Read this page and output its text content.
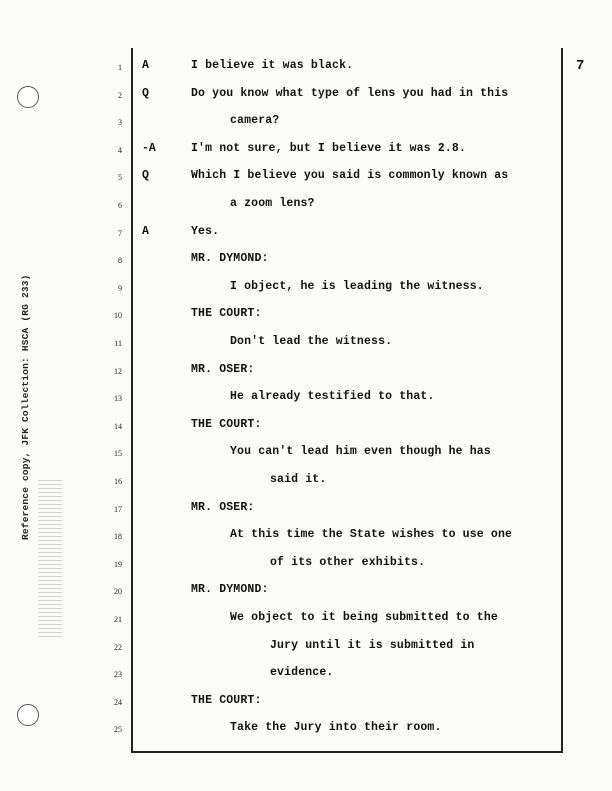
Reference copy, JFK Collection: HSCA (RG 233)
7
1 A	I believe it was black.
2 Q	Do you know what type of lens you had in this
3	camera?
4 -A	I'm not sure, but I believe it was 2.8.
5 Q	Which I believe you said is commonly known as
6	a zoom lens?
7 A	Yes.
8	MR. DYMOND:
9	I object, he is leading the witness.
10	THE COURT:
11	Don't lead the witness.
12	MR. OSER:
13	He already testified to that.
14	THE COURT:
15	You can't lead him even though he has
16	said it.
17	MR. OSER:
18	At this time the State wishes to use one
19	of its other exhibits.
20	MR. DYMOND:
21	We object to it being submitted to the
22	Jury until it is submitted in
23	evidence.
24	THE COURT:
25	Take the Jury into their room.
